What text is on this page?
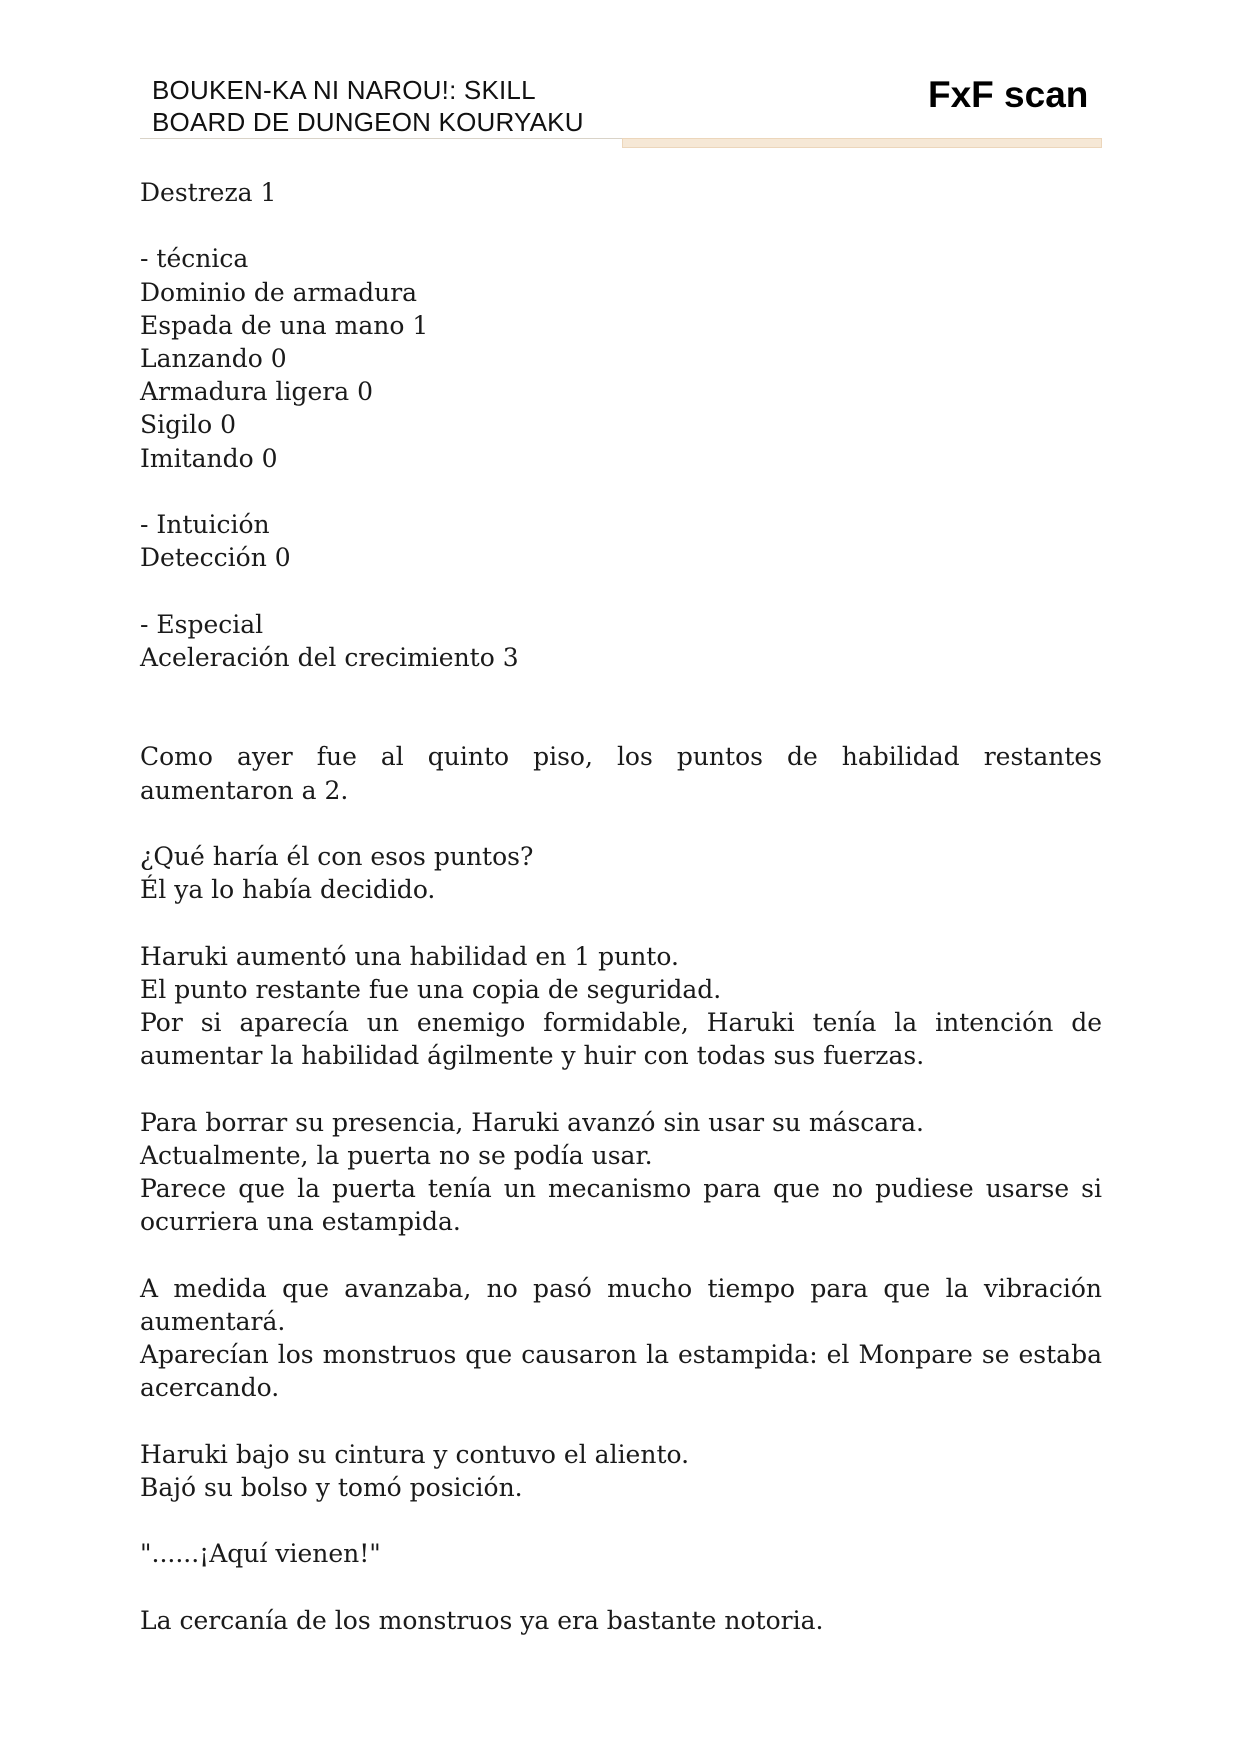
BOUKEN-KA NI NAROU!: SKILL
BOARD DE DUNGEON KOURYAKU
FxF scan

Destreza 1

- técnica

Dominio de armadura

Espada de una mano 1

Lanzando 0

Armadura ligera 0

Sigilo 0

Imitando 0

- Intuición

Detección 0

- Especial

Aceleración del crecimiento 3

Como ayer fue al quinto piso, los puntos de habilidad restantes aumentaron a 2.

¿Qué haría él con esos puntos?

Él ya lo había decidido.

Haruki aumentó una habilidad en 1 punto.

El punto restante fue una copia de seguridad.

Por si aparecía un enemigo formidable, Haruki tenía la intención de aumentar la habilidad ágilmente y huir con todas sus fuerzas.

Para borrar su presencia, Haruki avanzó sin usar su máscara.

Actualmente, la puerta no se podía usar.

Parece que la puerta tenía un mecanismo para que no pudiese usarse si ocurriera una estampida.

A medida que avanzaba, no pasó mucho tiempo para que la vibración aumentará.

Aparecían los monstruos que causaron la estampida: el Monpare se estaba acercando.

Haruki bajo su cintura y contuvo el aliento.

Bajó su bolso y tomó posición.

"......¡Aquí vienen!"

La cercanía de los monstruos ya era bastante notoria.
